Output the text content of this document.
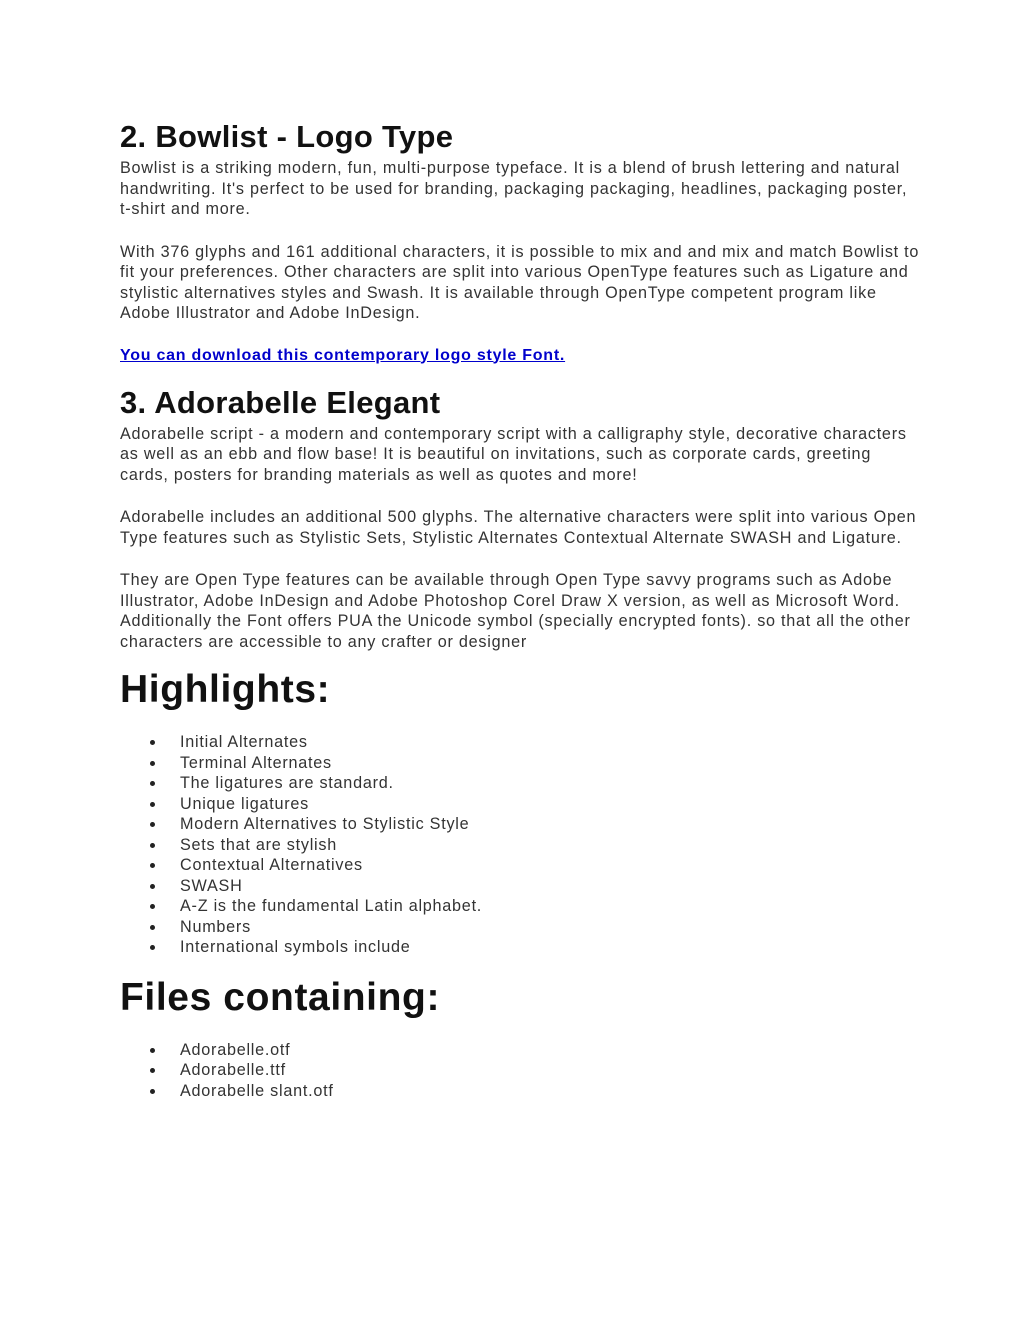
2. Bowlist - Logo Type

Bowlist is a striking modern, fun, multi-purpose typeface. It is a blend of brush lettering and natural handwriting. It's perfect to be used for branding, packaging packaging, headlines, packaging poster, t-shirt and more.

With 376 glyphs and 161 additional characters, it is possible to mix and and mix and match Bowlist to fit your preferences. Other characters are split into various OpenType features such as Ligature and stylistic alternatives styles and Swash. It is available through OpenType competent program like Adobe Illustrator and Adobe InDesign.

You can download this contemporary logo style Font.
3. Adorabelle Elegant

Adorabelle script - a modern and contemporary script with a calligraphy style, decorative characters as well as an ebb and flow base! It is beautiful on invitations, such as corporate cards, greeting cards, posters for branding materials as well as quotes and more!

Adorabelle includes an additional 500 glyphs. The alternative characters were split into various Open Type features such as Stylistic Sets, Stylistic Alternates Contextual Alternate SWASH and Ligature.

They are Open Type features can be available through Open Type savvy programs such as Adobe Illustrator, Adobe InDesign and Adobe Photoshop Corel Draw X version, as well as Microsoft Word. Additionally the Font offers PUA the Unicode symbol (specially encrypted fonts). so that all the other characters are accessible to any crafter or designer

Highlights:
Initial Alternates
Terminal Alternates
The ligatures are standard.
Unique ligatures
Modern Alternatives to Stylistic Style
Sets that are stylish
Contextual Alternatives
SWASH
A-Z is the fundamental Latin alphabet.
Numbers
International symbols include
Files containing:
Adorabelle.otf
Adorabelle.ttf
Adorabelle slant.otf
